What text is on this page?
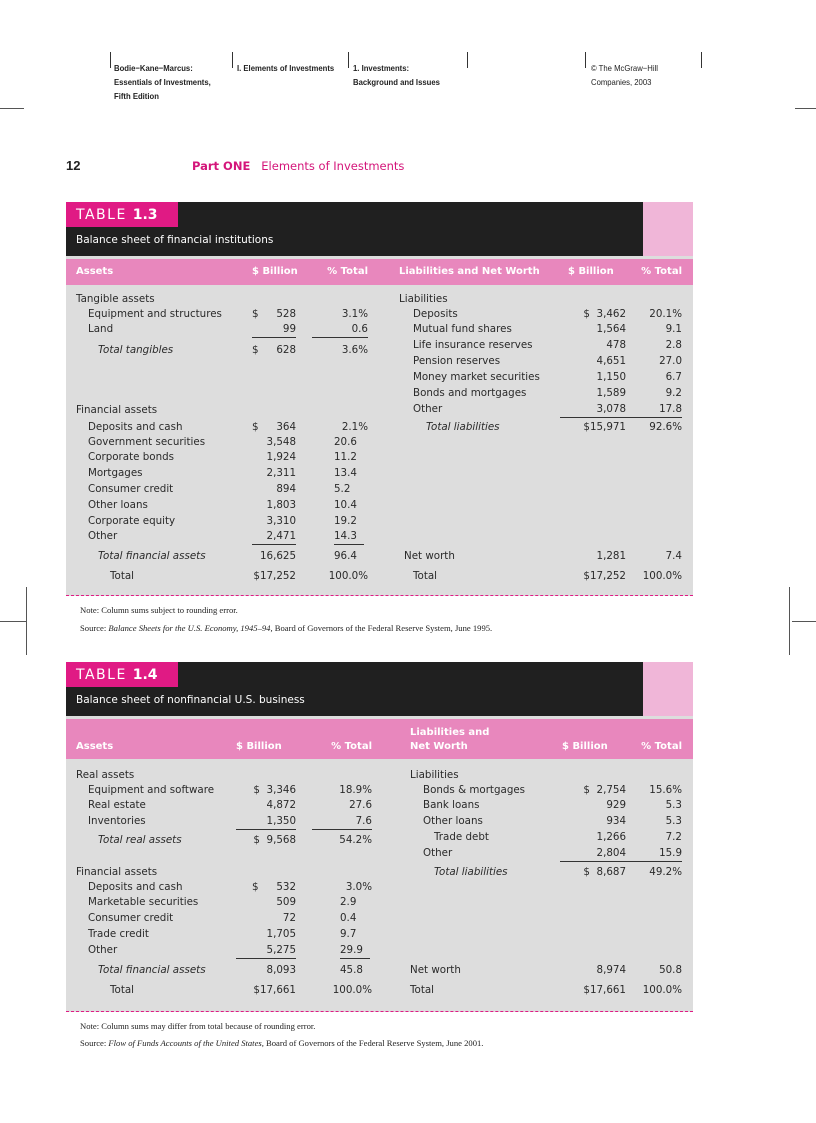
Bodie−Kane−Marcus:
Essentials of Investments,
Fifth Edition
I. Elements of Investments 1. Investments:
Background and Issues
© The McGraw−Hill
Companies, 2003
12	Part ONE Elements of Investments
TABLE 1.3
Balance sheet of financial institutions
Assets	$ Billion	% Total	Liabilities and Net Worth	$ Billion	% Total
Tangible assets
Equipment and structures	$	528	3.1%
Land	99	0.6
Total tangibles	$	628	3.6%
Financial assets
Deposits and cash	$	364	2.1%
Government securities	3,548	20.6
Corporate bonds	1,924	11.2
Mortgages	2,311	13.4
Consumer credit	894	5.2
Other loans	1,803	10.4
Corporate equity	3,310	19.2
Other	2,471	14.3
Total financial assets	16,625	96.4
Total	$17,252	100.0%
Liabilities
Deposits	$  3,462	20.1%
Mutual fund shares	1,564	9.1
Life insurance reserves	478	2.8
Pension reserves	4,651	27.0
Money market securities	1,150	6.7
Bonds and mortgages	1,589	9.2
Other	3,078	17.8
Total liabilities	$15,971	92.6%
Net worth	1,281	7.4
Total	$17,252	100.0%
Note: Column sums subject to rounding error.
Source: Balance Sheets for the U.S. Economy, 1945–94, Board of Governors of the Federal Reserve System, June 1995.
TABLE 1.4
Balance sheet of nonfinancial U.S. business
Assets	$ Billion	% Total
Liabilities and
Net Worth	$ Billion	% Total
Real assets
Equipment and software	$  3,346	18.9%
Real estate	4,872	27.6
Inventories	1,350	7.6
Total real assets	$  9,568	54.2%
Financial assets
Deposits and cash	$	532	3.0%
Marketable securities	509	2.9
Consumer credit	72	0.4
Trade credit	1,705	9.7
Other	5,275	29.9
Total financial assets	8,093	45.8
Total	$17,661	100.0%
Liabilities
Bonds & mortgages	$  2,754	15.6%
Bank loans	929	5.3
Other loans	934	5.3
Trade debt	1,266	7.2
Other	2,804	15.9
Total liabilities	$  8,687	49.2%
Net worth	8,974	50.8
Total	$17,661	100.0%
Note: Column sums may differ from total because of rounding error.
Source: Flow of Funds Accounts of the United States, Board of Governors of the Federal Reserve System, June 2001.
